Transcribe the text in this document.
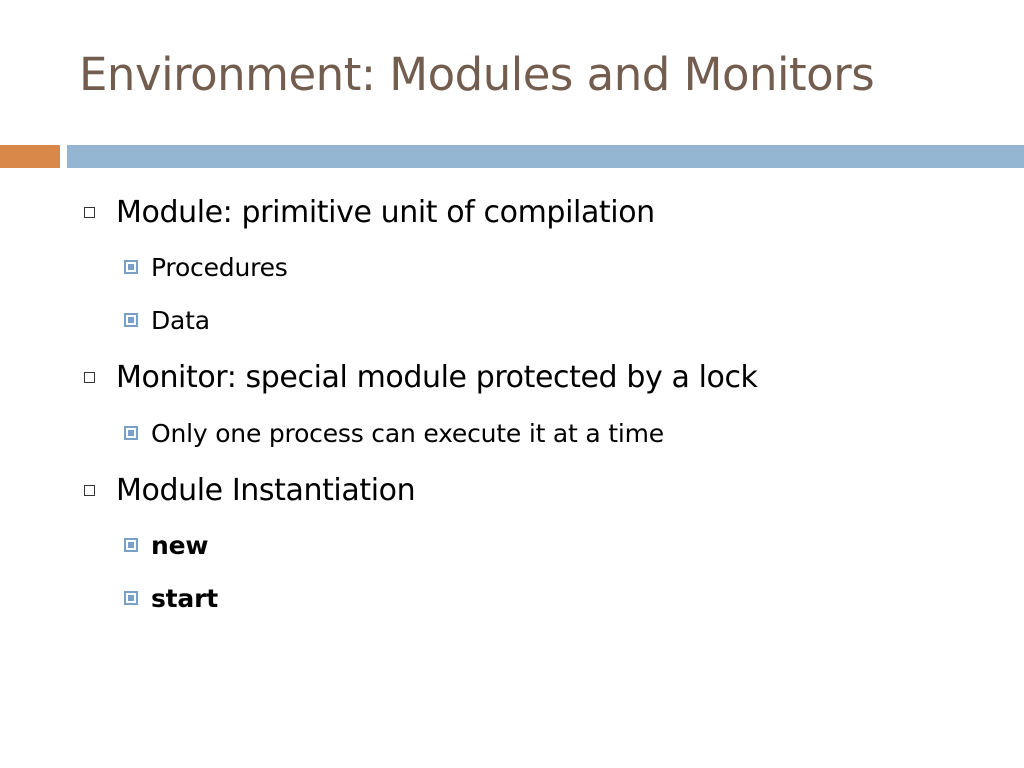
Environment: Modules and Monitors
Module: primitive unit of compilation
Procedures
Data
Monitor: special module protected by a lock
Only one process can execute it at a time
Module Instantiation
new
start
